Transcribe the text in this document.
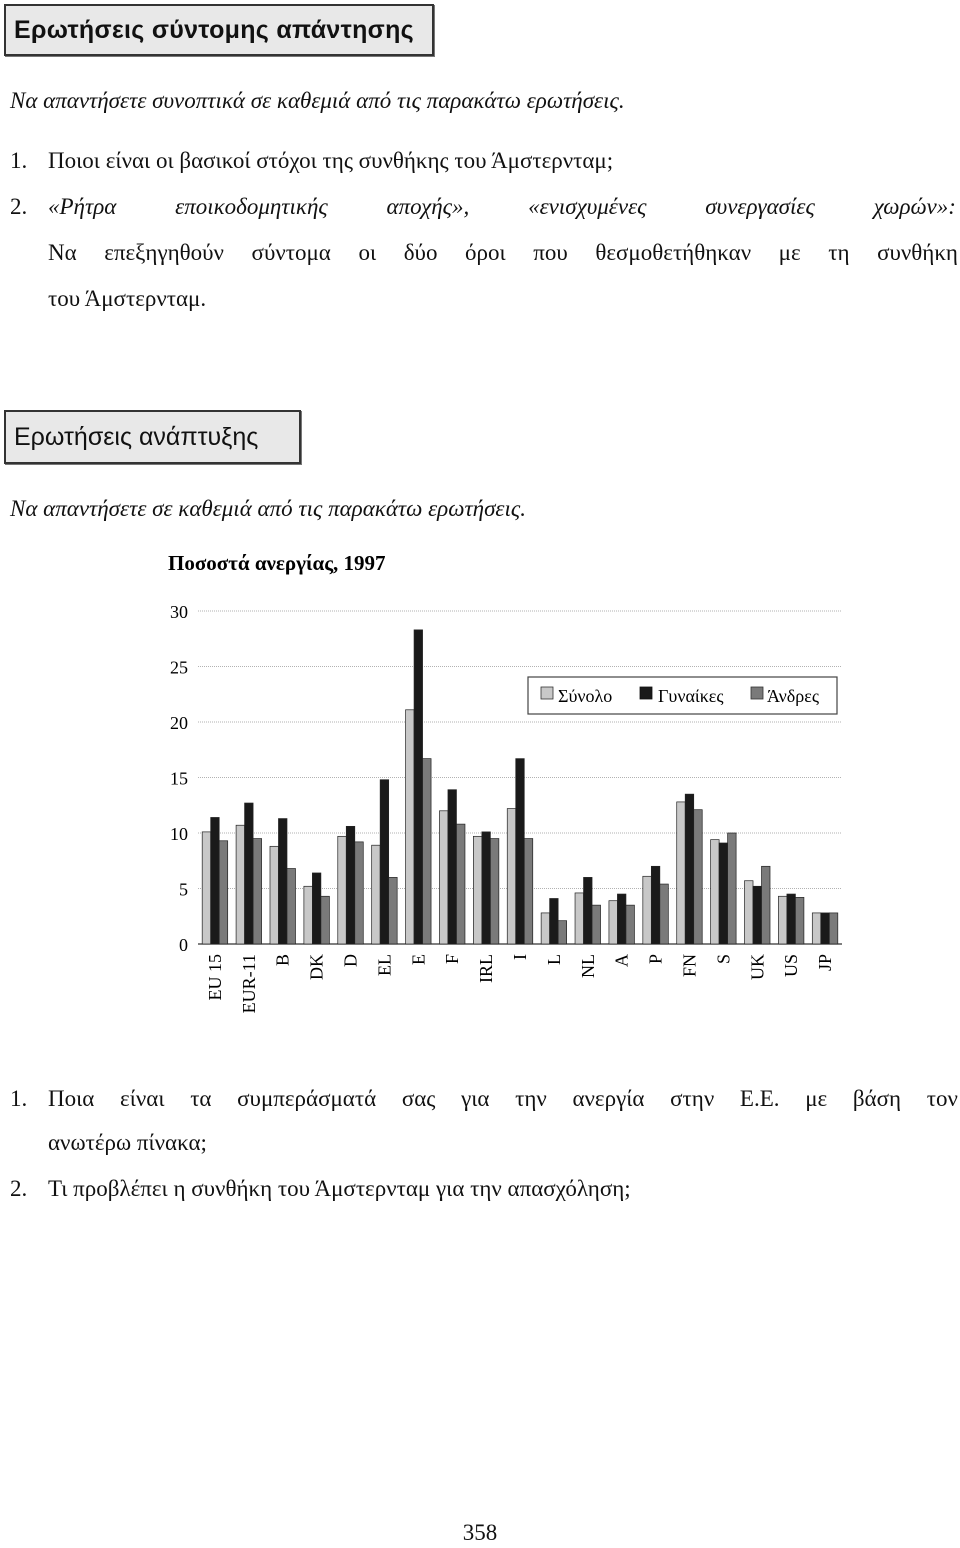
Ερωτήσεις σύντομης απάντησης
Να απαντήσετε συνοπτικά σε καθεμιά από τις παρακάτω ερωτήσεις.
1. Ποιοι είναι οι βασικοί στόχοι της συνθήκης του Άμστερνταμ;
2. «Ρήτρα	εποικοδομητικής	αποχής»,	«ενισχυμένες	συνεργασίες	χωρών»:
Να επεξηγηθούν σύντομα οι δύο όροι που θεσμοθετήθηκαν με τη συνθήκη
του Άμστερνταμ.
Ερωτήσεις ανάπτυξης
Να απαντήσετε σε καθεμιά από τις παρακάτω ερωτήσεις.
Ποσοστά ανεργίας, 1997
0
5
10
15
20
25
30
EU 15 EUR-11 B DK D EL E F IRL I L NL A P FN S UK US JP
Σύνολο	Γυναίκες Άνδρες
1. Ποια είναι τα συμπεράσματά σας για την ανεργία στην Ε.Ε. με βάση τον
ανωτέρω πίνακα;
2. Τι προβλέπει η συνθήκη του Άμστερνταμ για την απασχόληση;
358
